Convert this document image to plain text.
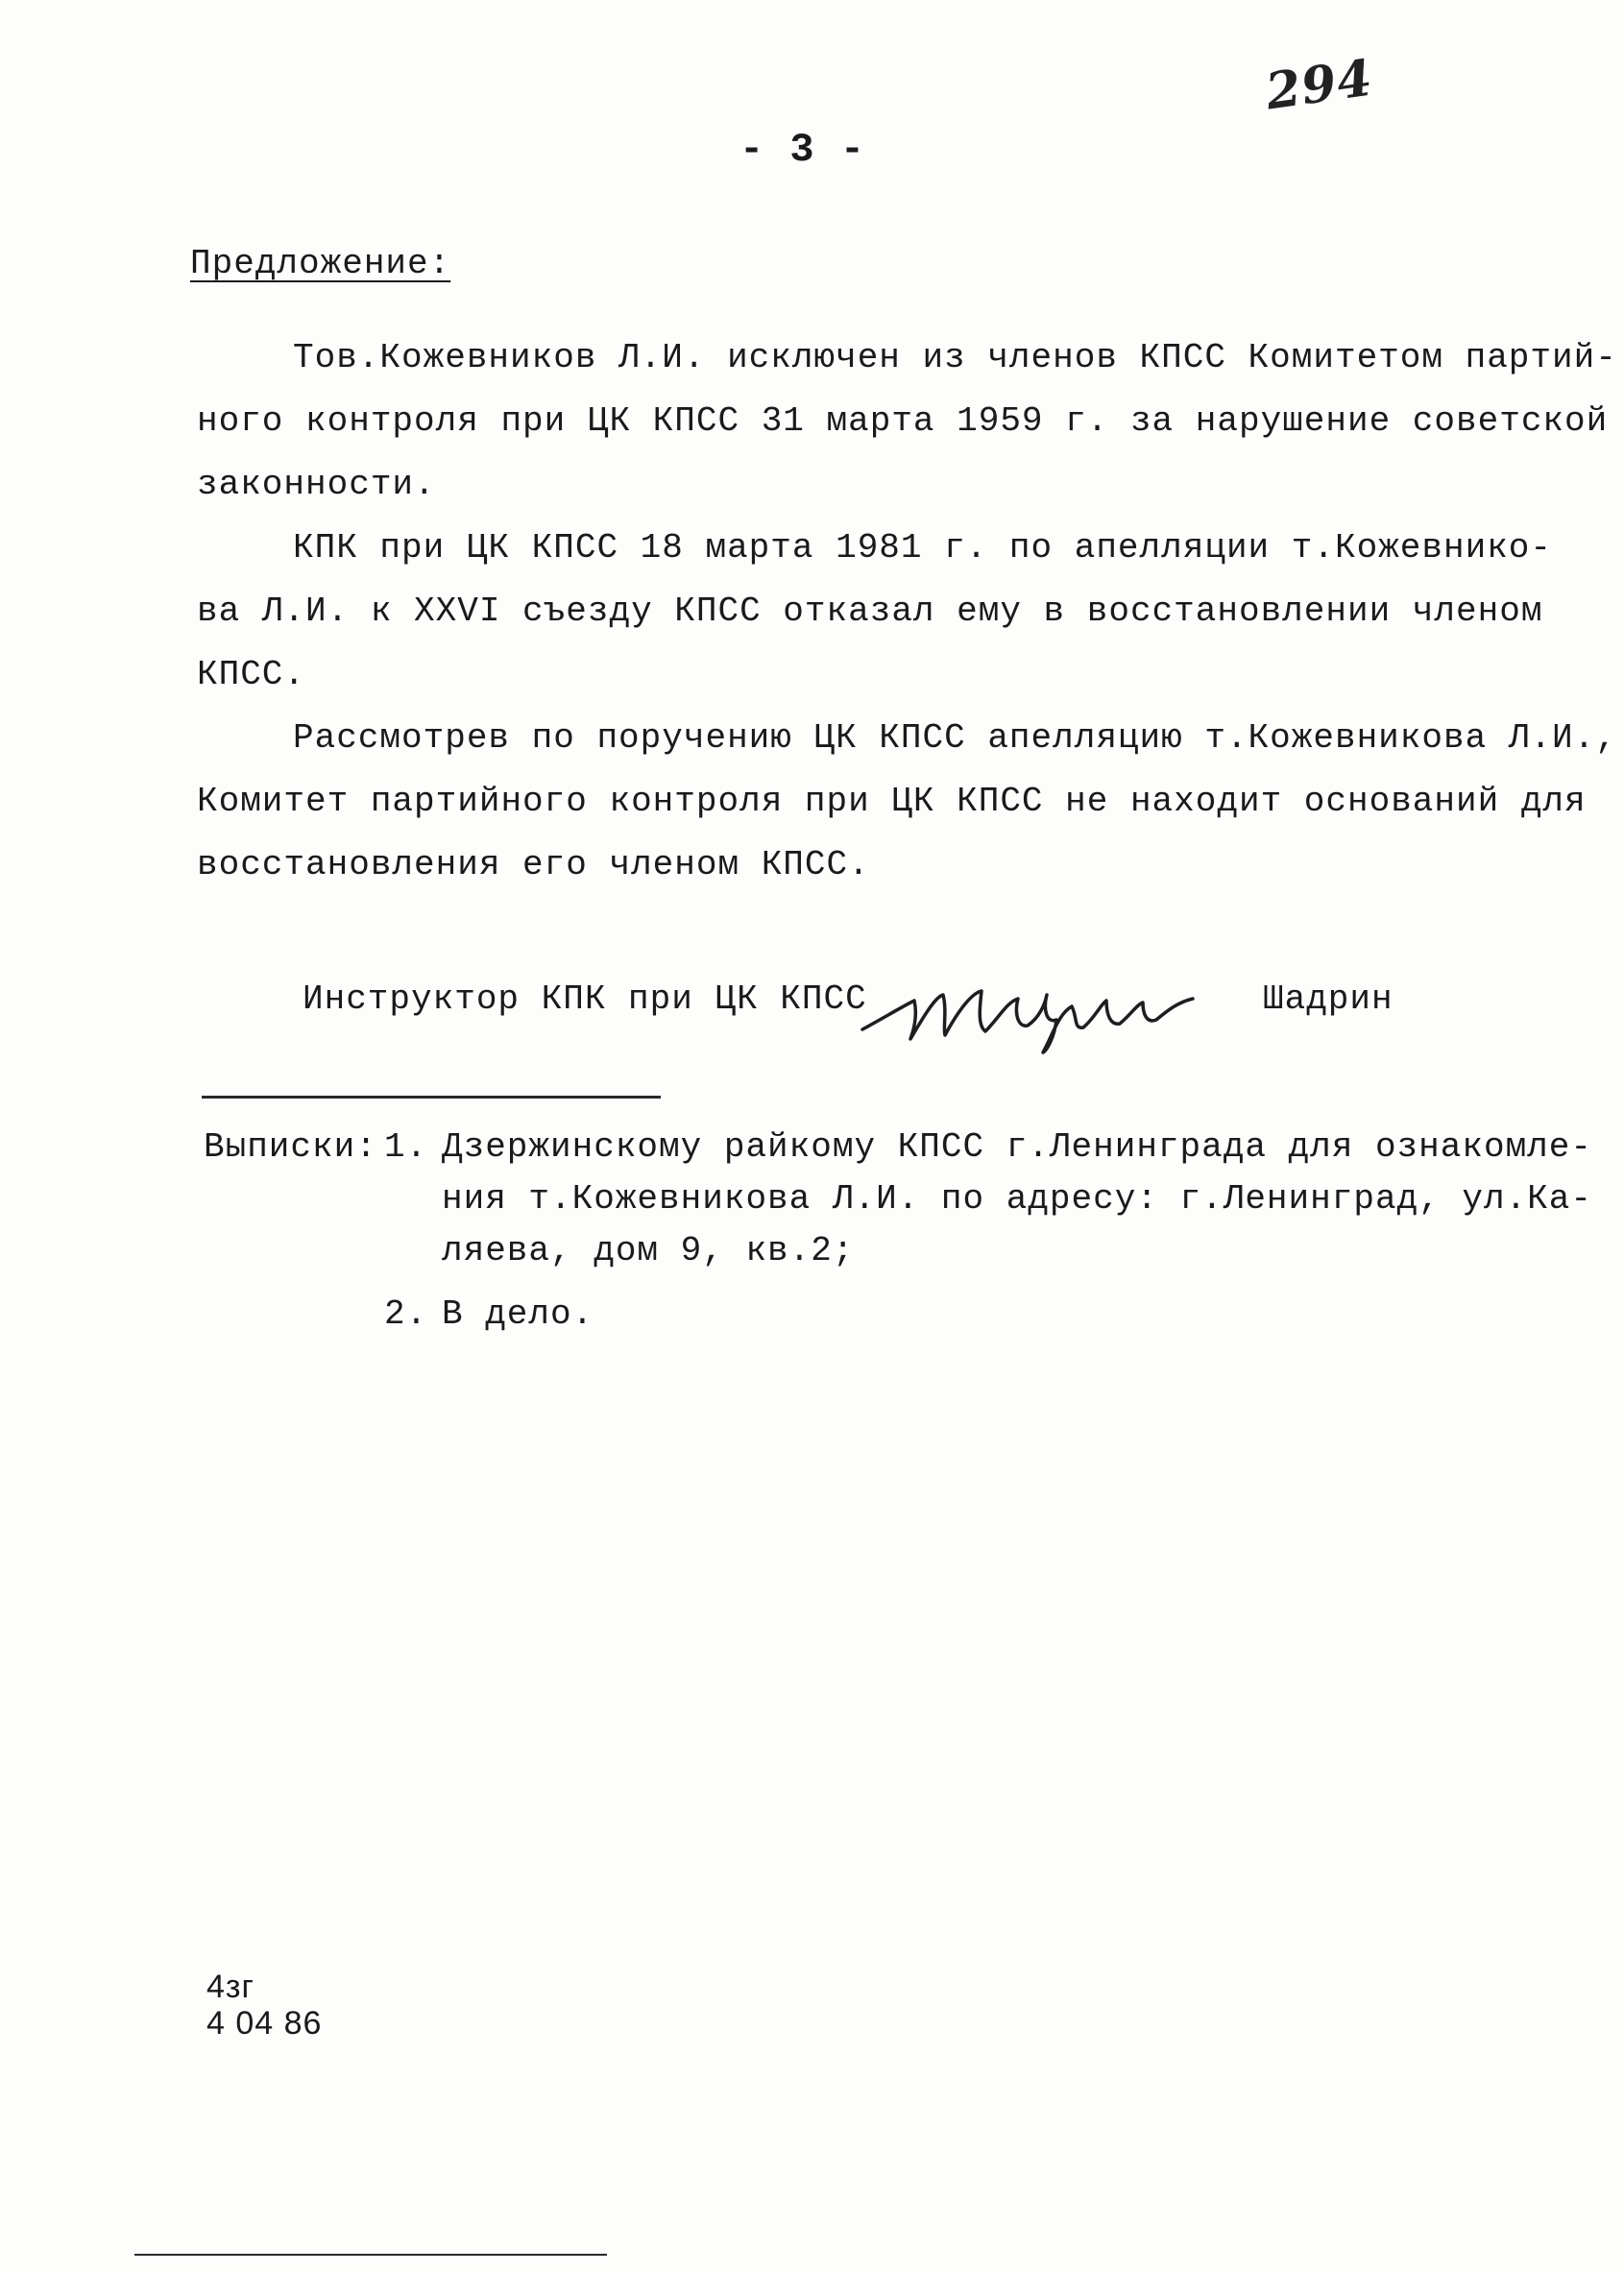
294
- 3 -
Предложение:
Тов.Кожевников Л.И. исключен из членов КПСС Комитетом партий-
ного контроля при ЦК КПСС 31 марта 1959 г. за нарушение советской
законности.
КПК при ЦК КПСС 18 марта 1981 г. по апелляции т.Кожевнико-
ва Л.И. к XXVI съезду КПСС отказал ему в восстановлении членом
КПСС.
Рассмотрев по поручению ЦК КПСС апелляцию т.Кожевникова Л.И.,
Комитет партийного контроля при ЦК КПСС не находит оснований для
восстановления его членом КПСС.
Инструктор КПК при ЦК КПСС	Шадрин
Выписки: 1. Дзержинскому райкому КПСС г.Ленинграда для ознакомле-
ния т.Кожевникова Л.И. по адресу: г.Ленинград, ул.Ка-
ляева, дом 9, кв.2;
2. В дело.
4зг
4 04 86
